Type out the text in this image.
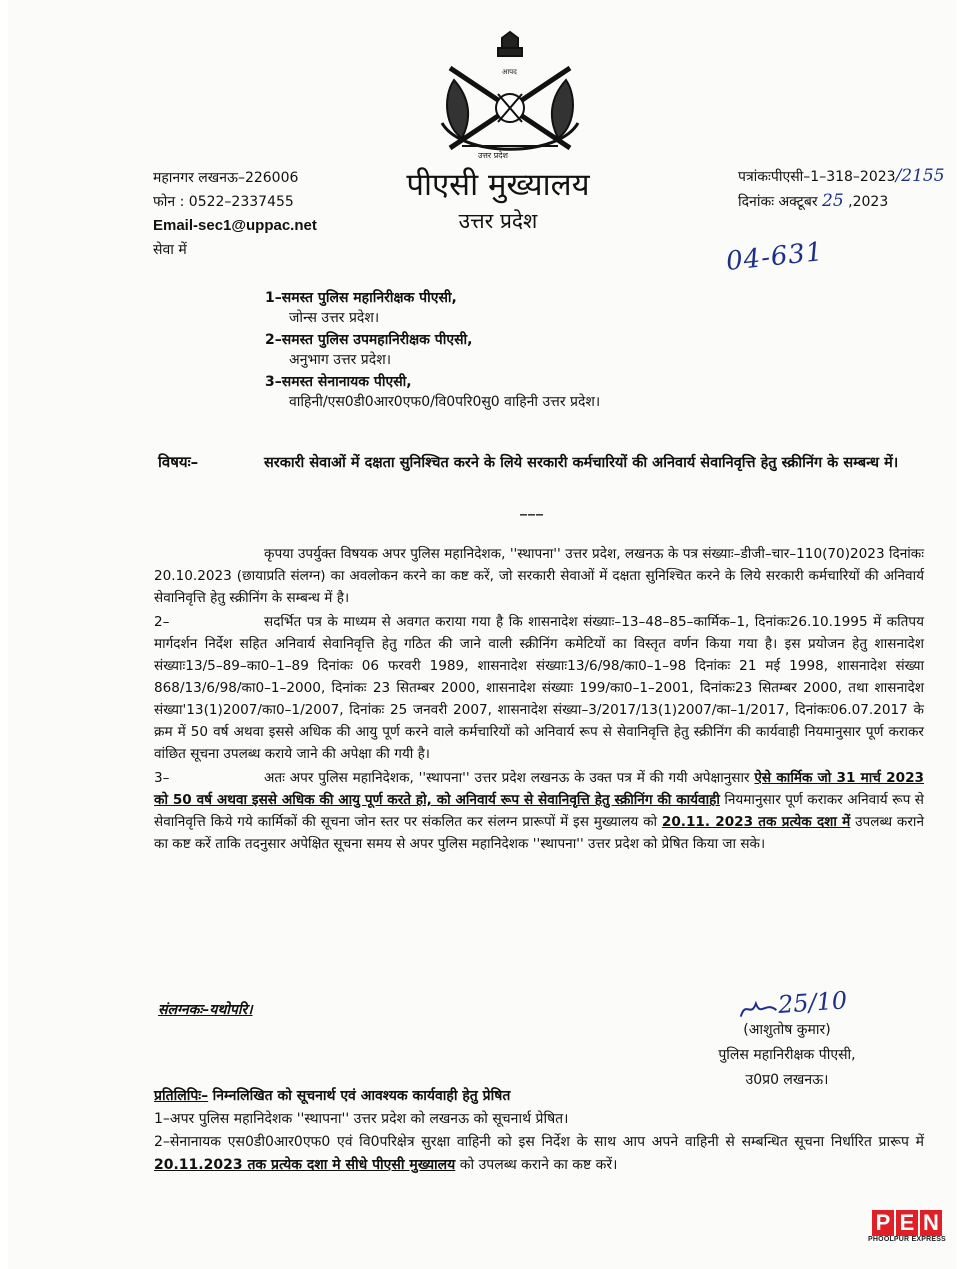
उत्तर प्रदेश
आपद
महानगर लखनऊ–226006
फोन : 0522–2337455
Email-sec1@uppac.net
सेवा में
पीएसी मुख्यालय
उत्तर प्रदेश
पत्रांकःपीएसी–1–318–2023/2155
दिनांकः अक्टूबर 25 ,2023
04-631
1–समस्त पुलिस महानिरीक्षक पीएसी,
जोन्स उत्तर प्रदेश।
2–समस्त पुलिस उपमहानिरीक्षक पीएसी,
अनुभाग उत्तर प्रदेश।
3–समस्त सेनानायक पीएसी,
वाहिनी/एस0डी0आर0एफ0/वि0परि0सु0 वाहिनी उत्तर प्रदेश।
विषयः–	सरकारी सेवाओं में दक्षता सुनिश्चित करने के लिये सरकारी कर्मचारियों की अनिवार्य सेवानिवृत्ति हेतु स्क्रीनिंग के सम्बन्ध में।
___

कृपया उपर्युक्त विषयक अपर पुलिस महानिदेशक, ''स्थापना'' उत्तर प्रदेश, लखनऊ के पत्र संख्याः–डीजी–चार–110(70)2023 दिनांकः 20.10.2023 (छायाप्रति संलग्न) का अवलोकन करने का कष्ट करें, जो सरकारी सेवाओं में दक्षता सुनिश्चित करने के लिये सरकारी कर्मचारियों की अनिवार्य सेवानिवृत्ति हेतु स्क्रीनिंग के सम्बन्ध में है।

2–	सदर्भित पत्र के माध्यम से अवगत कराया गया है कि शासनादेश संख्याः–13–48–85–कार्मिक–1, दिनांकः26.10.1995 में कतिपय मार्गदर्शन निर्देश सहित अनिवार्य सेवानिवृत्ति हेतु गठित की जाने वाली स्क्रीनिंग कमेटियों का विस्तृत वर्णन किया गया है। इस प्रयोजन हेतु शासनादेश संख्याः13/5–89–का0–1–89 दिनांकः 06 फरवरी 1989, शासनादेश संख्याः13/6/98/का0–1–98 दिनांकः 21 मई 1998, शासनादेश संख्या 868/13/6/98/का0–1–2000, दिनांकः 23 सितम्बर 2000, शासनादेश संख्याः 199/का0–1–2001, दिनांकः23 सितम्बर 2000, तथा शासनादेश संख्या'13(1)2007/का0–1/2007, दिनांकः 25 जनवरी 2007, शासनादेश संख्या–3/2017/13(1)2007/का–1/2017, दिनांकः06.07.2017 के क्रम में 50 वर्ष अथवा इससे अधिक की आयु पूर्ण करने वाले कर्मचारियों को अनिवार्य रूप से सेवानिवृत्ति हेतु स्क्रीनिंग की कार्यवाही नियमानुसार पूर्ण कराकर वांछित सूचना उपलब्ध कराये जाने की अपेक्षा की गयी है।

3–	अतः अपर पुलिस महानिदेशक, ''स्थापना'' उत्तर प्रदेश लखनऊ के उक्त पत्र में की गयी अपेक्षानुसार ऐसे कार्मिक जो 31 मार्च 2023 को 50 वर्ष अथवा इससे अधिक की आयु पूर्ण करते हो, को अनिवार्य रूप से सेवानिवृत्ति हेतु स्क्रीनिंग की कार्यवाही नियमानुसार पूर्ण कराकर अनिवार्य रूप से सेवानिवृत्ति किये गये कार्मिकों की सूचना जोन स्तर पर संकलित कर संलग्न प्रारूपों में इस मुख्यालय को 20.11. 2023 तक प्रत्येक दशा में उपलब्ध कराने का कष्ट करें ताकि तदनुसार अपेक्षित सूचना समय से अपर पुलिस महानिदेशक ''स्थापना'' उत्तर प्रदेश को प्रेषित किया जा सके।

संलग्नकः–यथोपरि।	25/10
(आशुतोष कुमार)
पुलिस महानिरीक्षक पीएसी,
उ0प्र0 लखनऊ।
प्रतिलिपिः– निम्नलिखित को सूचनार्थ एवं आवश्यक कार्यवाही हेतु प्रेषित
1–अपर पुलिस महानिदेशक ''स्थापना'' उत्तर प्रदेश को लखनऊ को सूचनार्थ प्रेषित।
2–सेनानायक एस0डी0आर0एफ0 एवं वि0परिक्षेत्र सुरक्षा वाहिनी को इस निर्देश के साथ आप अपने वाहिनी से सम्बन्धित सूचना निर्धारित प्रारूप में 20.11.2023 तक प्रत्येक दशा मे सीधे पीएसी मुख्यालय को उपलब्ध कराने का कष्ट करें।
P E N
PHOOLPUR EXPRESS
